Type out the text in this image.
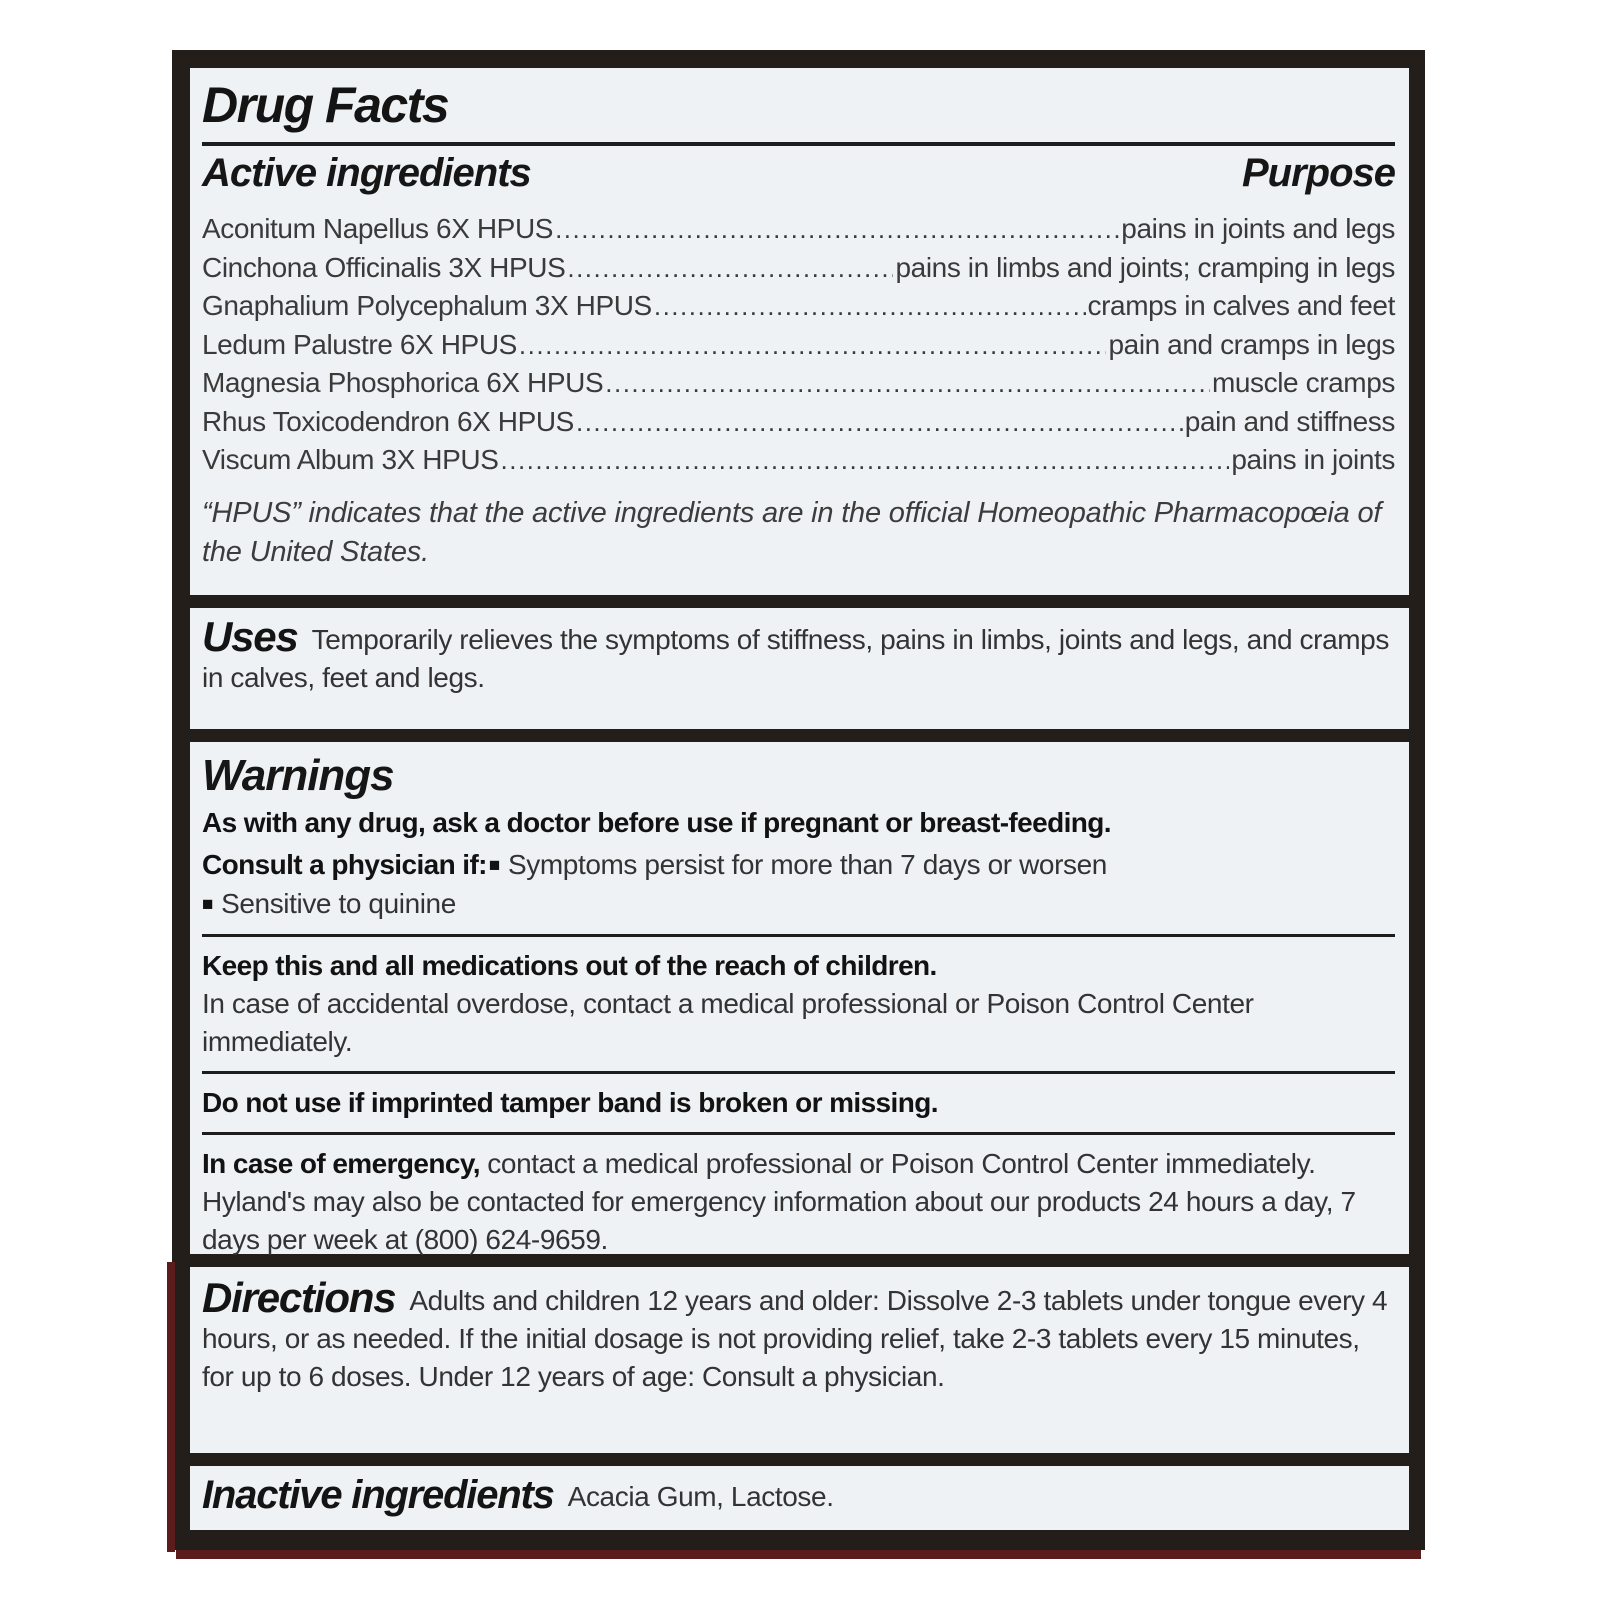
Drug Facts
Active ingredients	Purpose
Aconitum Napellus 6X HPUS .....	pains in joints and legs
Cinchona Officinalis 3X HPUS .....	pains in limbs and joints; cramping in legs
Gnaphalium Polycephalum 3X HPUS .....	cramps in calves and feet
Ledum Palustre 6X HPUS .....	pain and cramps in legs
Magnesia Phosphorica 6X HPUS .....	muscle cramps
Rhus Toxicodendron 6X HPUS .....	pain and stiffness
Viscum Album 3X HPUS .....	pains in joints
“HPUS” indicates that the active ingredients are in the official Homeopathic Pharmacopœia of the United States.

Uses Temporarily relieves the symptoms of stiffness, pains in limbs, joints and legs, and cramps in calves, feet and legs.

Warnings

As with any drug, ask a doctor before use if pregnant or breast-feeding.

Consult a physician if: ■ Symptoms persist for more than 7 days or worsen

■ Sensitive to quinine

Keep this and all medications out of the reach of children.

In case of accidental overdose, contact a medical professional or Poison Control Center immediately.

Do not use if imprinted tamper band is broken or missing.

In case of emergency, contact a medical professional or Poison Control Center immediately. Hyland's may also be contacted for emergency information about our products 24 hours a day, 7 days per week at (800) 624-9659.

Directions Adults and children 12 years and older: Dissolve 2-3 tablets under tongue every 4 hours, or as needed. If the initial dosage is not providing relief, take 2-3 tablets every 15 minutes, for up to 6 doses. Under 12 years of age: Consult a physician.

Inactive ingredients Acacia Gum, Lactose.
